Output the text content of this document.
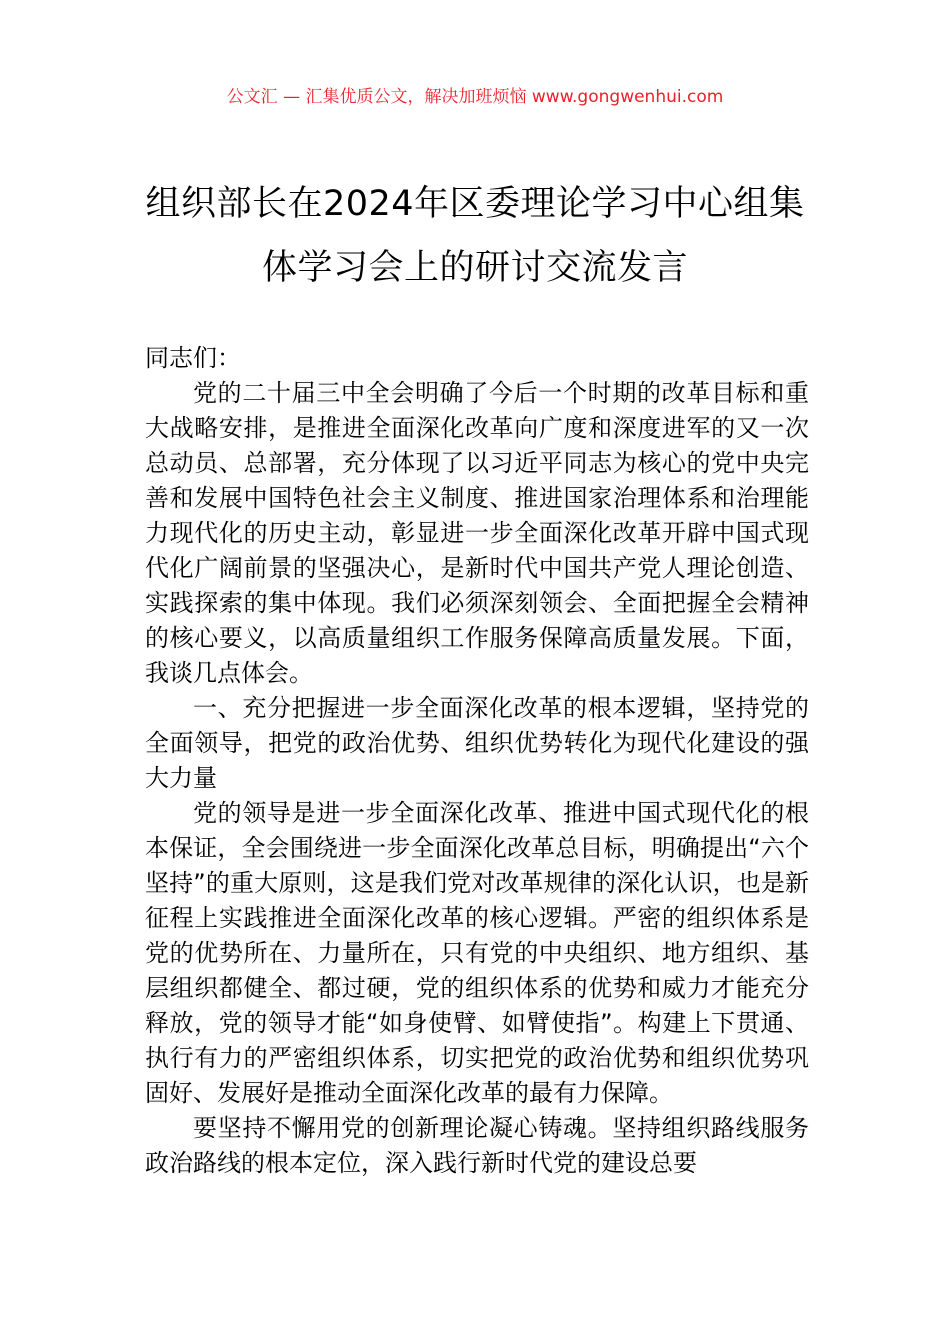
公文汇 — 汇集优质公文，解决加班烦恼 www.gongwenhui.com
组织部长在2024年区委理论学习中心组集
体学习会上的研讨交流发言

同志们：

党的二十届三中全会明确了今后一个时期的改革目标和重大战略安排，是推进全面深化改革向广度和深度进军的又一次总动员、总部署，充分体现了以习近平同志为核心的党中央完善和发展中国特色社会主义制度、推进国家治理体系和治理能力现代化的历史主动，彰显进一步全面深化改革开辟中国式现代化广阔前景的坚强决心，是新时代中国共产党人理论创造、实践探索的集中体现。我们必须深刻领会、全面把握全会精神的核心要义，以高质量组织工作服务保障高质量发展。下面，我谈几点体会。

一、充分把握进一步全面深化改革的根本逻辑，坚持党的全面领导，把党的政治优势、组织优势转化为现代化建设的强大力量

党的领导是进一步全面深化改革、推进中国式现代化的根本保证，全会围绕进一步全面深化改革总目标，明确提出“六个坚持”的重大原则，这是我们党对改革规律的深化认识，也是新征程上实践推进全面深化改革的核心逻辑。严密的组织体系是党的优势所在、力量所在，只有党的中央组织、地方组织、基层组织都健全、都过硬，党的组织体系的优势和威力才能充分释放，党的领导才能“如身使臂、如臂使指”。构建上下贯通、执行有力的严密组织体系，切实把党的政治优势和组织优势巩固好、发展好是推动全面深化改革的最有力保障。

要坚持不懈用党的创新理论凝心铸魂。坚持组织路线服务政治路线的根本定位，深入践行新时代党的建设总要
